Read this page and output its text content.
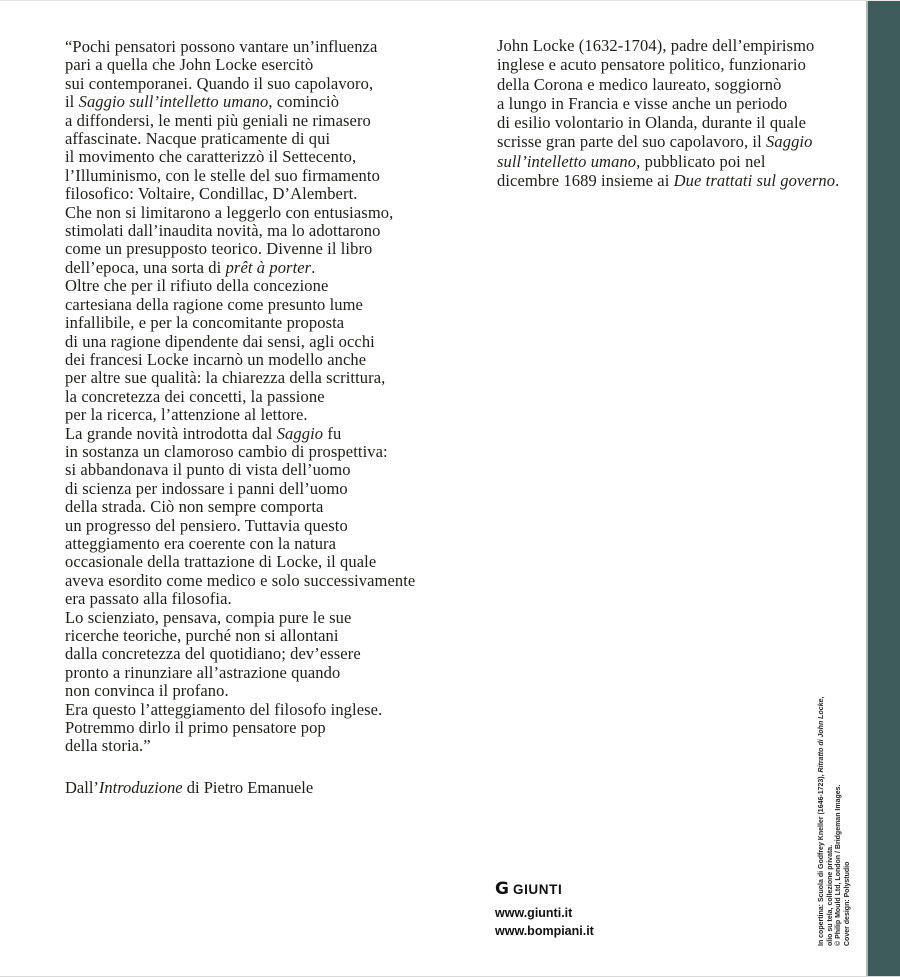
“Pochi pensatori possono vantare un’influenza
pari a quella che John Locke esercitò
sui contemporanei. Quando il suo capolavoro,
il Saggio sull’intelletto umano, cominciò
a diffondersi, le menti più geniali ne rimasero
affascinate. Nacque praticamente di qui
il movimento che caratterizzò il Settecento,
l’Illuminismo, con le stelle del suo firmamento
filosofico: Voltaire, Condillac, D’Alembert.
Che non si limitarono a leggerlo con entusiasmo,
stimolati dall’inaudita novità, ma lo adottarono
come un presupposto teorico. Divenne il libro
dell’epoca, una sorta di prêt à porter.
Oltre che per il rifiuto della concezione
cartesiana della ragione come presunto lume
infallibile, e per la concomitante proposta
di una ragione dipendente dai sensi, agli occhi
dei francesi Locke incarnò un modello anche
per altre sue qualità: la chiarezza della scrittura,
la concretezza dei concetti, la passione
per la ricerca, l’attenzione al lettore.
La grande novità introdotta dal Saggio fu
in sostanza un clamoroso cambio di prospettiva:
si abbandonava il punto di vista dell’uomo
di scienza per indossare i panni dell’uomo
della strada. Ciò non sempre comporta
un progresso del pensiero. Tuttavia questo
atteggiamento era coerente con la natura
occasionale della trattazione di Locke, il quale
aveva esordito come medico e solo successivamente
era passato alla filosofia.
Lo scienziato, pensava, compia pure le sue
ricerche teoriche, purché non si allontani
dalla concretezza del quotidiano; dev’essere
pronto a rinunziare all’astrazione quando
non convinca il profano.
Era questo l’atteggiamento del filosofo inglese.
Potremmo dirlo il primo pensatore pop
della storia.”
Dall’Introduzione di Pietro Emanuele
John Locke (1632-1704), padre dell’empirismo
inglese e acuto pensatore politico, funzionario
della Corona e medico laureato, soggiornò
a lungo in Francia e visse anche un periodo
di esilio volontario in Olanda, durante il quale
scrisse gran parte del suo capolavoro, il Saggio
sull’intelletto umano, pubblicato poi nel
dicembre 1689 insieme ai Due trattati sul governo.
G GIUNTI
www.giunti.it
www.bompiani.it	In copertina: Scuola di Godfrey Kneller (1646-1723), Ritratto di John Locke,
olio su tela, collezione privata. © Philip Mould Ltd, London / Bridgeman Images. Cover design: Polystudio
